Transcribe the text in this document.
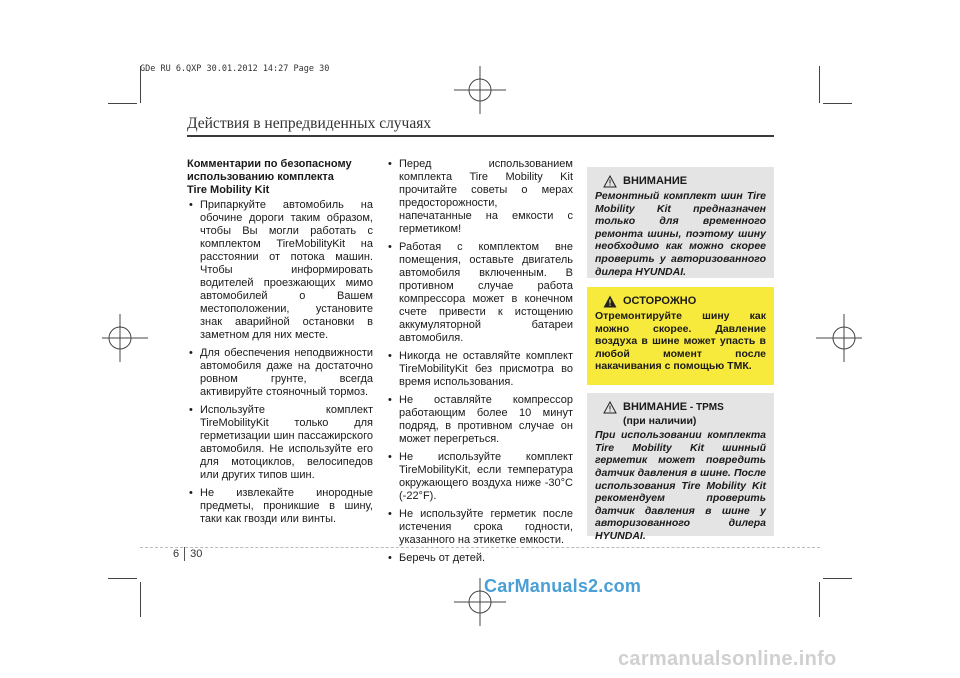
GDe RU 6.QXP 30.01.2012 14:27 Page 30
Действия в непредвиденных случаях
Комментарии по безопасному
использованию комплекта
Tire Mobility Kit
• Припаркуйте автомобиль на обочине дороги таким образом, чтобы Вы могли работать с комплектом TireMobilityKit на расстоянии от потока машин. Чтобы информировать водителей проезжающих мимо автомобилей о Вашем местоположении, установите знак аварийной остановки в заметном для них месте.
• Для обеспечения неподвижности автомобиля даже на достаточно ровном грунте, всегда активируйте стояночный тормоз.
• Используйте комплект TireMobilityKit только для герметизации шин пассажирского автомобиля. Не используйте его для мотоциклов, велосипедов или других типов шин.
• Не извлекайте инородные предметы, проникшие в шину, таки как гвозди или винты.
• Перед использованием комплекта Tire Mobility Kit прочитайте советы о мерах предосторожности, напечатанные на емкости с герметиком!
• Работая с комплектом вне помещения, оставьте двигатель автомобиля включенным. В противном случае работа компрессора может в конечном счете привести к истощению аккумуляторной батареи автомобиля.
• Никогда не оставляйте комплект TireMobilityKit без присмотра во время использования.
• Не оставляйте компрессор работающим более 10 минут подряд, в противном случае он может перегреться.
• Не используйте комплект TireMobilityKit, если температура окружающего воздуха ниже -30°C (-22°F).
• Не используйте герметик после истечения срока годности, указанного на этикетке емкости.
• Беречь от детей.
ВНИМАНИЕ
Ремонтный комплект шин Tire Mobility Kit предназначен только для временного ремонта шины, поэтому шину необходимо как можно скорее проверить у авторизованного дилера HYUNDAI.
ОСТОРОЖНО
Отремонтируйте шину как можно скорее. Давление воздуха в шине может упасть в любой момент после накачивания с помощью ТМК.
ВНИМАНИЕ - TPMS
(при наличии)
При использовании комплекта Tire Mobility Kit шинный герметик может повредить датчик давления в шине. После использования Tire Mobility Kit рекомендуем проверить датчик давления в шине у авторизованного дилера HYUNDAI.
6 30
CarManuals2.com
carmanualsonline.info
